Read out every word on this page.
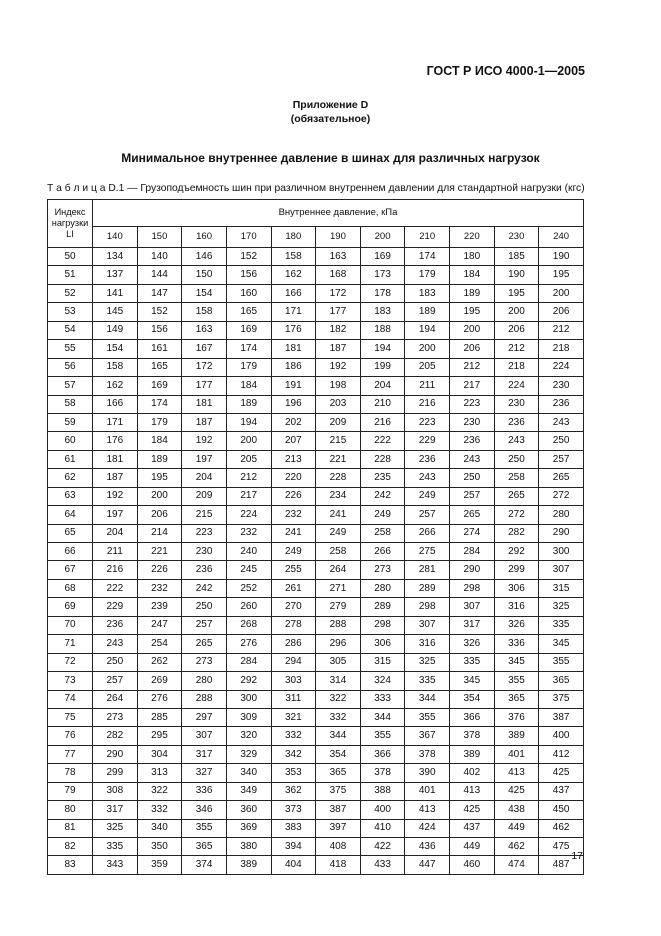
ГОСТ Р ИСО 4000-1—2005
Приложение D
(обязательное)
Минимальное внутреннее давление в шинах для различных нагрузок
Т а б л и ц а D.1 — Грузоподъемность шин при различном внутреннем давлении для стандартной нагрузки (кгс)
Индекс
нагрузки
LI	Внутреннее давление, кПа										
	140	150	160	170	180	190	200	210	220	230	240
50	134	140	146	152	158	163	169	174	180	185	190
51	137	144	150	156	162	168	173	179	184	190	195
52	141	147	154	160	166	172	178	183	189	195	200
53	145	152	158	165	171	177	183	189	195	200	206
54	149	156	163	169	176	182	188	194	200	206	212
55	154	161	167	174	181	187	194	200	206	212	218
56	158	165	172	179	186	192	199	205	212	218	224
57	162	169	177	184	191	198	204	211	217	224	230
58	166	174	181	189	196	203	210	216	223	230	236
59	171	179	187	194	202	209	216	223	230	236	243
60	176	184	192	200	207	215	222	229	236	243	250
61	181	189	197	205	213	221	228	236	243	250	257
62	187	195	204	212	220	228	235	243	250	258	265
63	192	200	209	217	226	234	242	249	257	265	272
64	197	206	215	224	232	241	249	257	265	272	280
65	204	214	223	232	241	249	258	266	274	282	290
66	211	221	230	240	249	258	266	275	284	292	300
67	216	226	236	245	255	264	273	281	290	299	307
68	222	232	242	252	261	271	280	289	298	306	315
69	229	239	250	260	270	279	289	298	307	316	325
70	236	247	257	268	278	288	298	307	317	326	335
71	243	254	265	276	286	296	306	316	326	336	345
72	250	262	273	284	294	305	315	325	335	345	355
73	257	269	280	292	303	314	324	335	345	355	365
74	264	276	288	300	311	322	333	344	354	365	375
75	273	285	297	309	321	332	344	355	366	376	387
76	282	295	307	320	332	344	355	367	378	389	400
77	290	304	317	329	342	354	366	378	389	401	412
78	299	313	327	340	353	365	378	390	402	413	425
79	308	322	336	349	362	375	388	401	413	425	437
80	317	332	346	360	373	387	400	413	425	438	450
81	325	340	355	369	383	397	410	424	437	449	462
82	335	350	365	380	394	408	422	436	449	462	475
83	343	359	374	389	404	418	433	447	460	474	487
17
